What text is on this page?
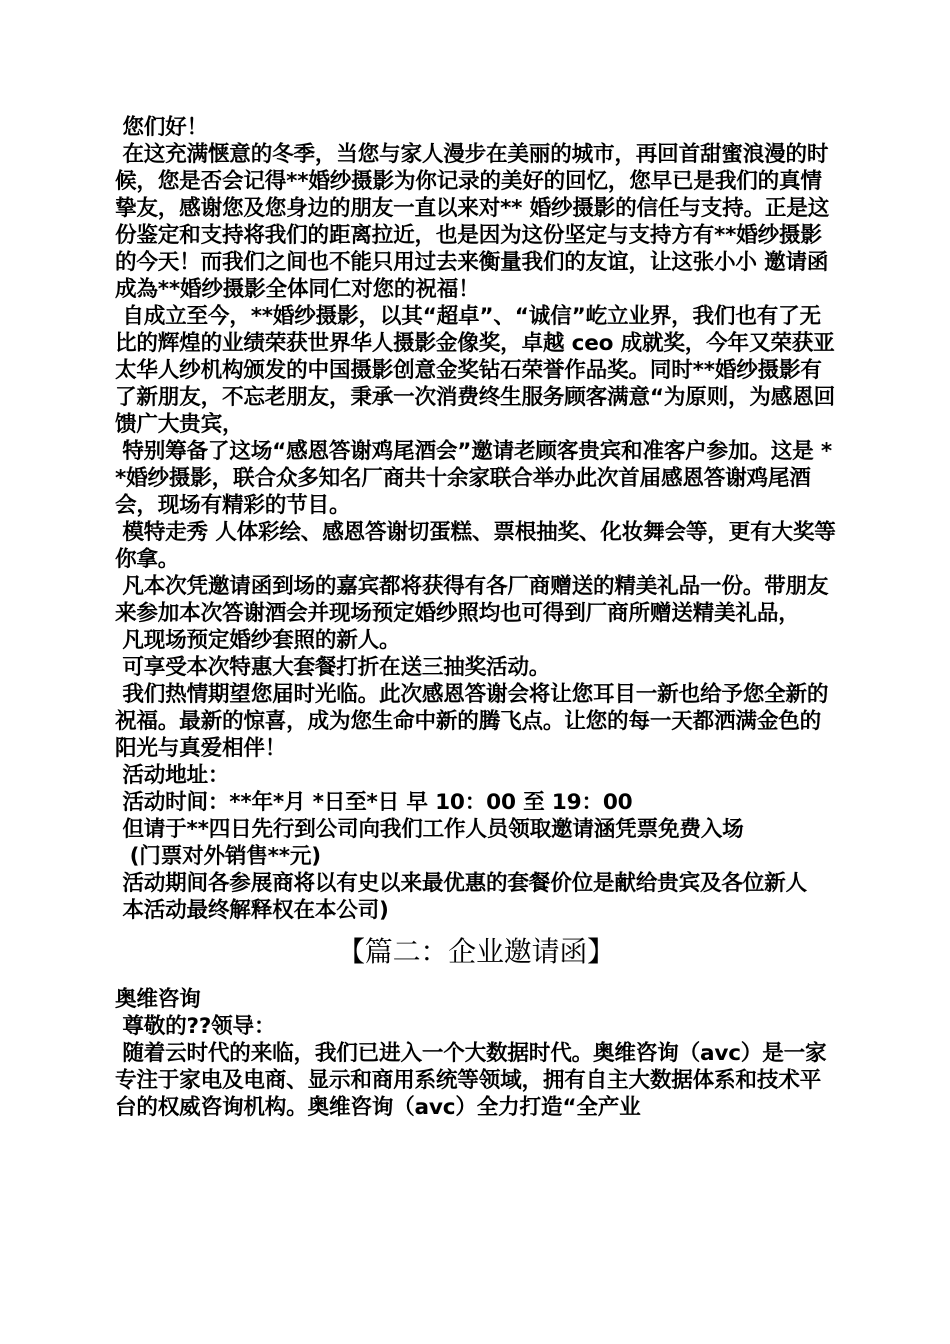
您们好！

在这充满惬意的冬季，当您与家人漫步在美丽的城市，再回首甜蜜浪漫的时候，您是否会记得**婚纱摄影为你记录的美好的回忆，您早已是我们的真情挚友，感谢您及您身边的朋友一直以来对** 婚纱摄影的信任与支持。正是这份鉴定和支持将我们的距离拉近，也是因为这份坚定与支持方有**婚纱摄影的今天！而我们之间也不能只用过去来衡量我们的友谊，让这张小小 邀请函成為**婚纱摄影全体同仁对您的祝福！

自成立至今，**婚纱摄影，以其“超卓”、“诚信”屹立业界，我们也有了无比的辉煌的业绩荣获世界华人摄影金像奖，卓越 ceo 成就奖，今年又荣获亚太华人纱机构颁发的中国摄影创意金奖钻石荣誉作品奖。同时**婚纱摄影有了新朋友，不忘老朋友，秉承一次消费终生服务顾客满意“为原则，为感恩回馈广大贵宾，

特别筹备了这场“感恩答谢鸡尾酒会”邀请老顾客贵宾和准客户参加。这是 **婚纱摄影，联合众多知名厂商共十余家联合举办此次首届感恩答谢鸡尾酒会，现场有精彩的节目。

模特走秀 人体彩绘、感恩答谢切蛋糕、票根抽奖、化妆舞会等，更有大奖等你拿。

凡本次凭邀请函到场的嘉宾都将获得有各厂商赠送的精美礼品一份。带朋友来参加本次答谢酒会并现场预定婚纱照均也可得到厂商所赠送精美礼品，

凡现场预定婚纱套照的新人。

可享受本次特惠大套餐打折在送三抽奖活动。

我们热情期望您届时光临。此次感恩答谢会将让您耳目一新也给予您全新的祝福。最新的惊喜，成为您生命中新的腾飞点。让您的每一天都洒满金色的阳光与真爱相伴！

活动地址：

活动时间：**年*月 *日至*日 早 10：00 至 19：00

但请于**四日先行到公司向我们工作人员领取邀请涵凭票免费入场

(门票对外销售**元)

活动期间各参展商将以有史以来最优惠的套餐价位是献给贵宾及各位新人

本活动最终解释权在本公司)

【篇二：企业邀请函】

奥维咨询

尊敬的??领导：

随着云时代的来临，我们已进入一个大数据时代。奥维咨询（avc）是一家专注于家电及电商、显示和商用系统等领域，拥有自主大数据体系和技术平台的权威咨询机构。奥维咨询（avc）全力打造“全产业
